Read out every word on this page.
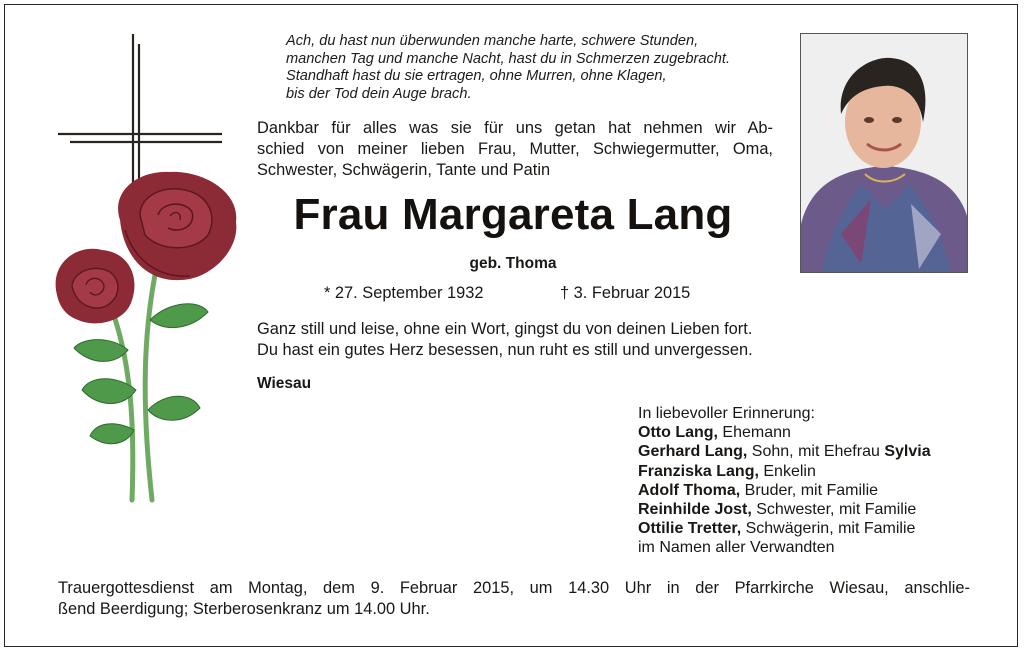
Ach, du hast nun überwunden manche harte, schwere Stunden,
manchen Tag und manche Nacht, hast du in Schmerzen zugebracht.
Standhaft hast du sie ertragen, ohne Murren, ohne Klagen,
bis der Tod dein Auge brach.
Dankbar für alles was sie für uns getan hat nehmen wir Ab-
schied von meiner lieben Frau, Mutter, Schwiegermutter, Oma,
Schwester, Schwägerin, Tante und Patin
Frau Margareta Lang
geb. Thoma
* 27. September 1932	† 3. Februar 2015
Ganz still und leise, ohne ein Wort, gingst du von deinen Lieben fort.
Du hast ein gutes Herz besessen, nun ruht es still und unvergessen.
Wiesau
In liebevoller Erinnerung:
Otto Lang, Ehemann
Gerhard Lang, Sohn, mit Ehefrau Sylvia
Franziska Lang, Enkelin
Adolf Thoma, Bruder, mit Familie
Reinhilde Jost, Schwester, mit Familie
Ottilie Tretter, Schwägerin, mit Familie
im Namen aller Verwandten
Trauergottesdienst am Montag, dem 9. Februar 2015, um 14.30 Uhr in der Pfarrkirche Wiesau, anschlie-
ßend Beerdigung; Sterberosenkranz um 14.00 Uhr.
